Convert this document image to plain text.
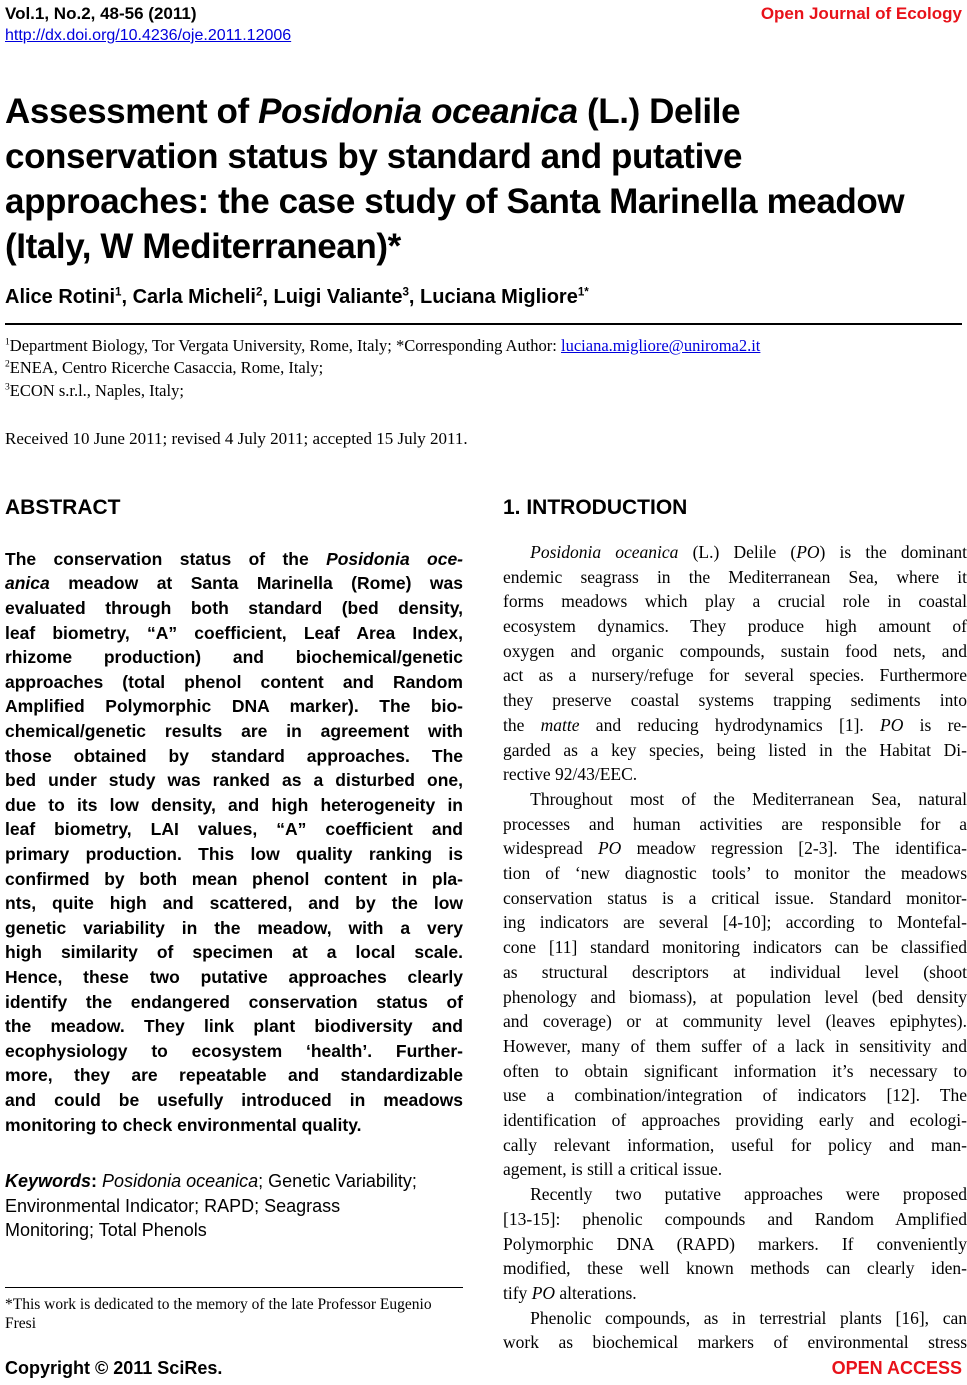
Vol.1, No.2, 48-56 (2011)	Open Journal of Ecology
http://dx.doi.org/10.4236/oje.2011.12006
Assessment of Posidonia oceanica (L.) Delile
conservation status by standard and putative
approaches: the case study of Santa Marinella meadow
(Italy, W Mediterranean)*
Alice Rotini$^1$, Carla Micheli$^2$, Luigi Valiante$^3$, Luciana Migliore$^{1*}$
$^1$Department Biology, Tor Vergata University, Rome, Italy; *Corresponding Author: luciana.migliore@uniroma2.it
$^2$ENEA, Centro Ricerche Casaccia, Rome, Italy;
$^3$ECON s.r.l., Naples, Italy;
Received 10 June 2011; revised 4 July 2011; accepted 15 July 2011.
ABSTRACT
The conservation status of the Posidonia oce-
anica meadow at Santa Marinella (Rome) was
evaluated through both standard (bed density,
leaf biometry, “A” coefficient, Leaf Area Index,
rhizome production) and biochemical/genetic
approaches (total phenol content and Random
Amplified Polymorphic DNA marker). The bio-
chemical/genetic results are in agreement with
those obtained by standard approaches. The
bed under study was ranked as a disturbed one,
due to its low density, and high heterogeneity in
leaf biometry, LAI values, “A” coefficient and
primary production. This low quality ranking is
confirmed by both mean phenol content in pla-
nts, quite high and scattered, and by the low
genetic variability in the meadow, with a very
high similarity of specimen at a local scale.
Hence, these two putative approaches clearly
identify the endangered conservation status of
the meadow. They link plant biodiversity and
ecophysiology to ecosystem ‘health’. Further-
more, they are repeatable and standardizable
and could be usefully introduced in meadows
monitoring to check environmental quality.
Keywords: Posidonia oceanica; Genetic Variability;
Environmental Indicator; RAPD; Seagrass
Monitoring; Total Phenols
*This work is dedicated to the memory of the late Professor Eugenio
Fresi
1. INTRODUCTION
Posidonia oceanica (L.) Delile (PO) is the dominant
endemic seagrass in the Mediterranean Sea, where it
forms meadows which play a crucial role in coastal
ecosystem dynamics. They produce high amount of
oxygen and organic compounds, sustain food nets, and
act as a nursery/refuge for several species. Furthermore
they preserve coastal systems trapping sediments into
the matte and reducing hydrodynamics [1]. PO is re-
garded as a key species, being listed in the Habitat Di-
rective 92/43/EEC.
Throughout most of the Mediterranean Sea, natural
processes and human activities are responsible for a
widespread PO meadow regression [2-3]. The identifica-
tion of ‘new diagnostic tools’ to monitor the meadows
conservation status is a critical issue. Standard monitor-
ing indicators are several [4-10]; according to Montefal-
cone [11] standard monitoring indicators can be classified
as structural descriptors at individual level (shoot
phenology and biomass), at population level (bed density
and coverage) or at community level (leaves epiphytes).
However, many of them suffer of a lack in sensitivity and
often to obtain significant information it’s necessary to
use a combination/integration of indicators [12]. The
identification of approaches providing early and ecologi-
cally relevant information, useful for policy and man-
agement, is still a critical issue.
Recently two putative approaches were proposed
[13-15]: phenolic compounds and Random Amplified
Polymorphic DNA (RAPD) markers. If conveniently
modified, these well known methods can clearly iden-
tify PO alterations.
Phenolic compounds, as in terrestrial plants [16], can
work as biochemical markers of environmental stress
Copyright © 2011 SciRes.	OPEN ACCESS
